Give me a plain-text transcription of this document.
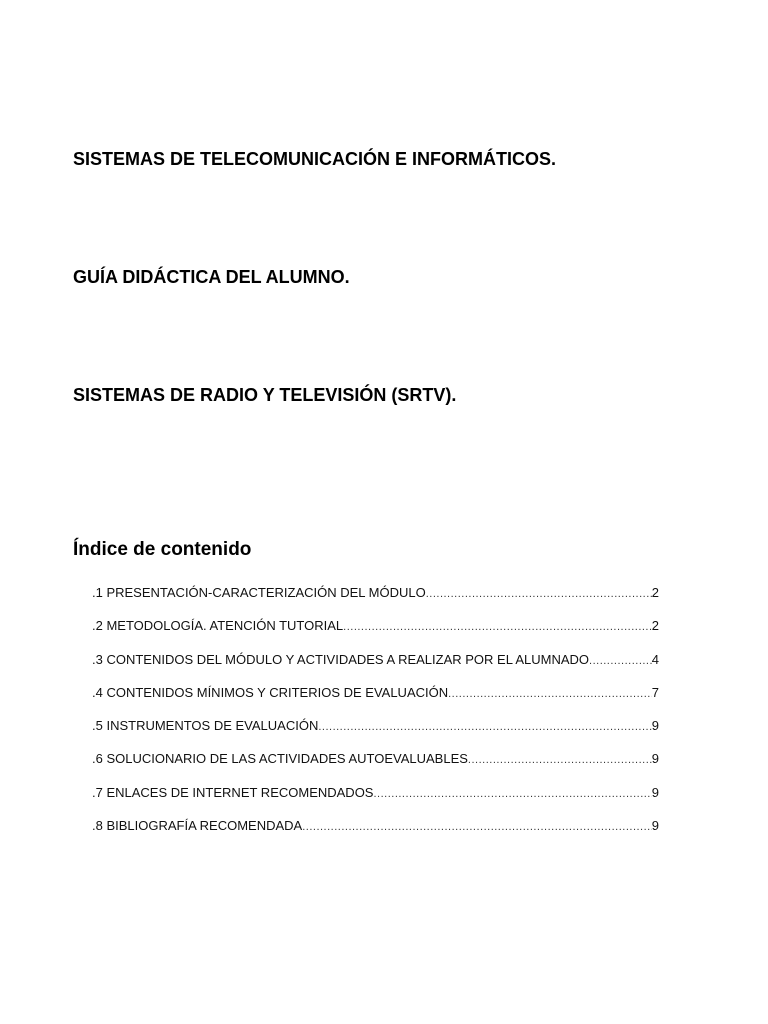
SISTEMAS DE TELECOMUNICACIÓN E INFORMÁTICOS.
GUÍA DIDÁCTICA DEL ALUMNO.
SISTEMAS DE RADIO Y TELEVISIÓN (SRTV).
Índice de contenido
.1 PRESENTACIÓN-CARACTERIZACIÓN DEL MÓDULO .....	2
.2 METODOLOGÍA. ATENCIÓN TUTORIAL .....	2
.3 CONTENIDOS DEL MÓDULO Y ACTIVIDADES A REALIZAR POR EL ALUMNADO .....	4
.4 CONTENIDOS MÍNIMOS Y CRITERIOS DE EVALUACIÓN .....	7
.5 INSTRUMENTOS DE EVALUACIÓN .....	9
.6 SOLUCIONARIO DE LAS ACTIVIDADES AUTOEVALUABLES .....	9
.7 ENLACES DE INTERNET RECOMENDADOS .....	9
.8 BIBLIOGRAFÍA RECOMENDADA .....	9
